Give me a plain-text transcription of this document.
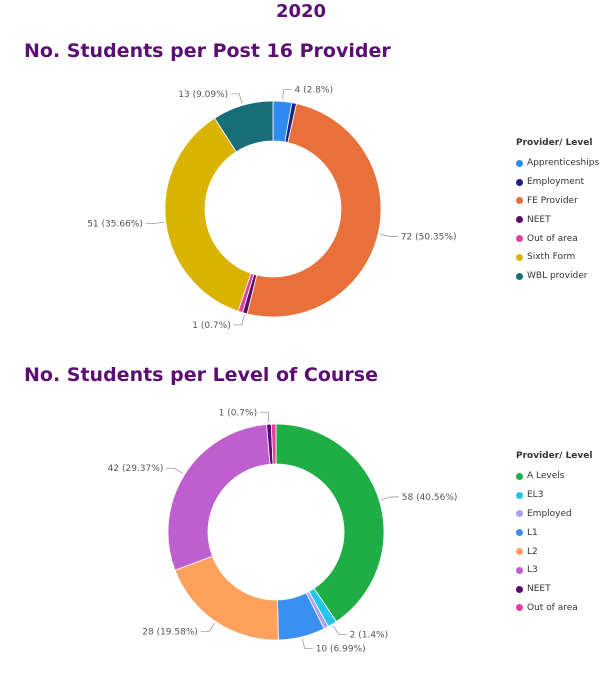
2020
No. Students per Post 16 Provider
4 (2.8%)
72 (50.35%)
1 (0.7%)
51 (35.66%)
13 (9.09%)
Provider/ Level
Apprenticeships
Employment
FE Provider
NEET
Out of area
Sixth Form
WBL provider
No. Students per Level of Course
58 (40.56%)
2 (1.4%)
10 (6.99%)
28 (19.58%)
42 (29.37%)
1 (0.7%)
Provider/ Level
A Levels
EL3
Employed
L1
L2
L3
NEET
Out of area
